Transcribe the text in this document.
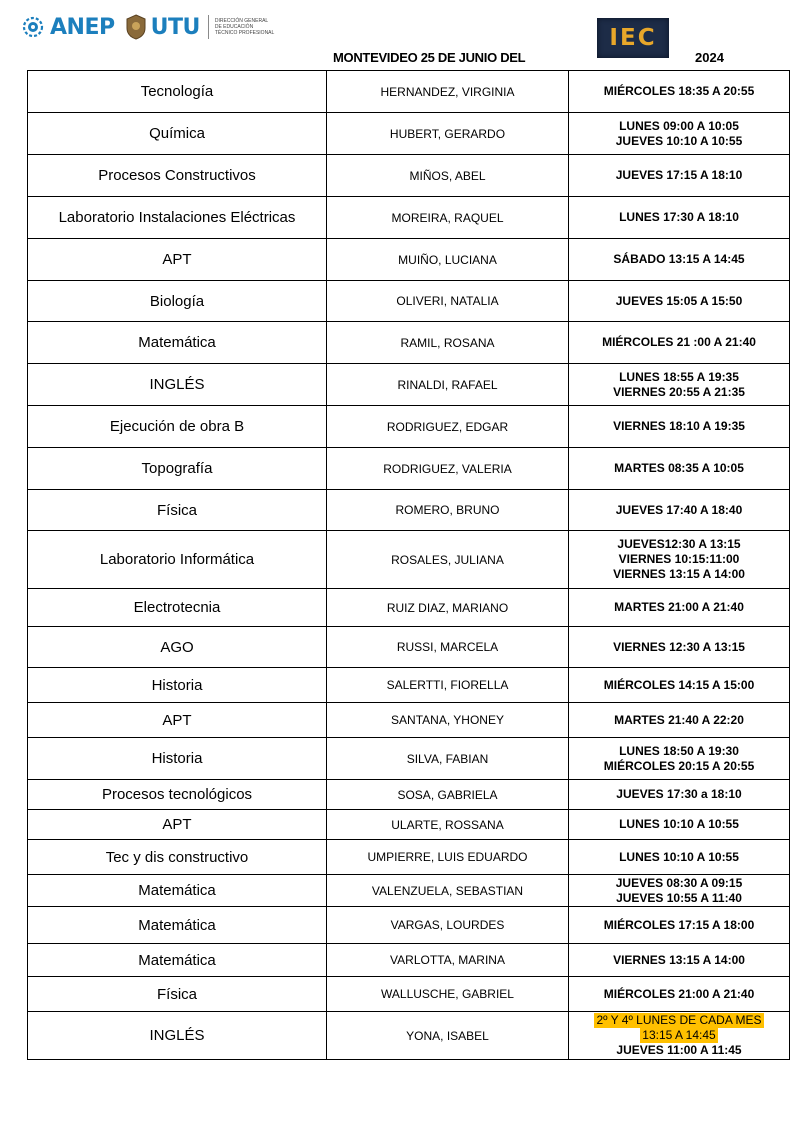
ANEP UTU	DIRECCIÓN GENERAL
DE EDUCACIÓN
TÉCNICO PROFESIONAL	IEC
MONTEVIDEO 25 DE JUNIO DEL	2024
Tecnología	HERNANDEZ, VIRGINIA	MIÉRCOLES 18:35 A 20:55
Química	HUBERT, GERARDO
LUNES 09:00 A 10:05
JUEVES 10:10 A 10:55
Procesos Constructivos	MIÑOS, ABEL	JUEVES 17:15 A 18:10
Laboratorio Instalaciones Eléctricas	MOREIRA, RAQUEL	LUNES 17:30 A 18:10
APT	MUIÑO, LUCIANA	SÁBADO 13:15 A 14:45
Biología	OLIVERI, NATALIA	JUEVES 15:05 A 15:50
Matemática	RAMIL, ROSANA	MIÉRCOLES 21 :00 A 21:40
INGLÉS	RINALDI, RAFAEL
LUNES 18:55 A 19:35
VIERNES 20:55 A 21:35
Ejecución de obra B	RODRIGUEZ, EDGAR	VIERNES 18:10 A 19:35
Topografía	RODRIGUEZ, VALERIA	MARTES 08:35 A 10:05
Física	ROMERO, BRUNO	JUEVES 17:40 A 18:40
Laboratorio Informática	ROSALES, JULIANA
JUEVES12:30 A 13:15
VIERNES 10:15:11:00
VIERNES 13:15 A 14:00
Electrotecnia	RUIZ DIAZ, MARIANO	MARTES 21:00 A 21:40
AGO	RUSSI, MARCELA	VIERNES 12:30 A 13:15
Historia	SALERTTI, FIORELLA	MIÉRCOLES 14:15 A 15:00
APT	SANTANA, YHONEY	MARTES 21:40 A 22:20
Historia	SILVA, FABIAN
LUNES 18:50 A 19:30
MIÉRCOLES 20:15 A 20:55
Procesos tecnológicos	SOSA, GABRIELA	JUEVES 17:30 a 18:10
APT	ULARTE, ROSSANA	LUNES 10:10 A 10:55
Tec y dis constructivo	UMPIERRE, LUIS EDUARDO	LUNES 10:10 A 10:55
Matemática	VALENZUELA, SEBASTIAN
JUEVES 08:30 A 09:15
JUEVES 10:55 A 11:40
Matemática	VARGAS, LOURDES	MIÉRCOLES 17:15 A 18:00
Matemática	VARLOTTA, MARINA	VIERNES 13:15 A 14:00
Física	WALLUSCHE, GABRIEL	MIÉRCOLES 21:00 A 21:40
INGLÉS	YONA, ISABEL
2º Y 4º LUNES DE CADA MES
13:15 A 14:45
JUEVES 11:00 A 11:45
